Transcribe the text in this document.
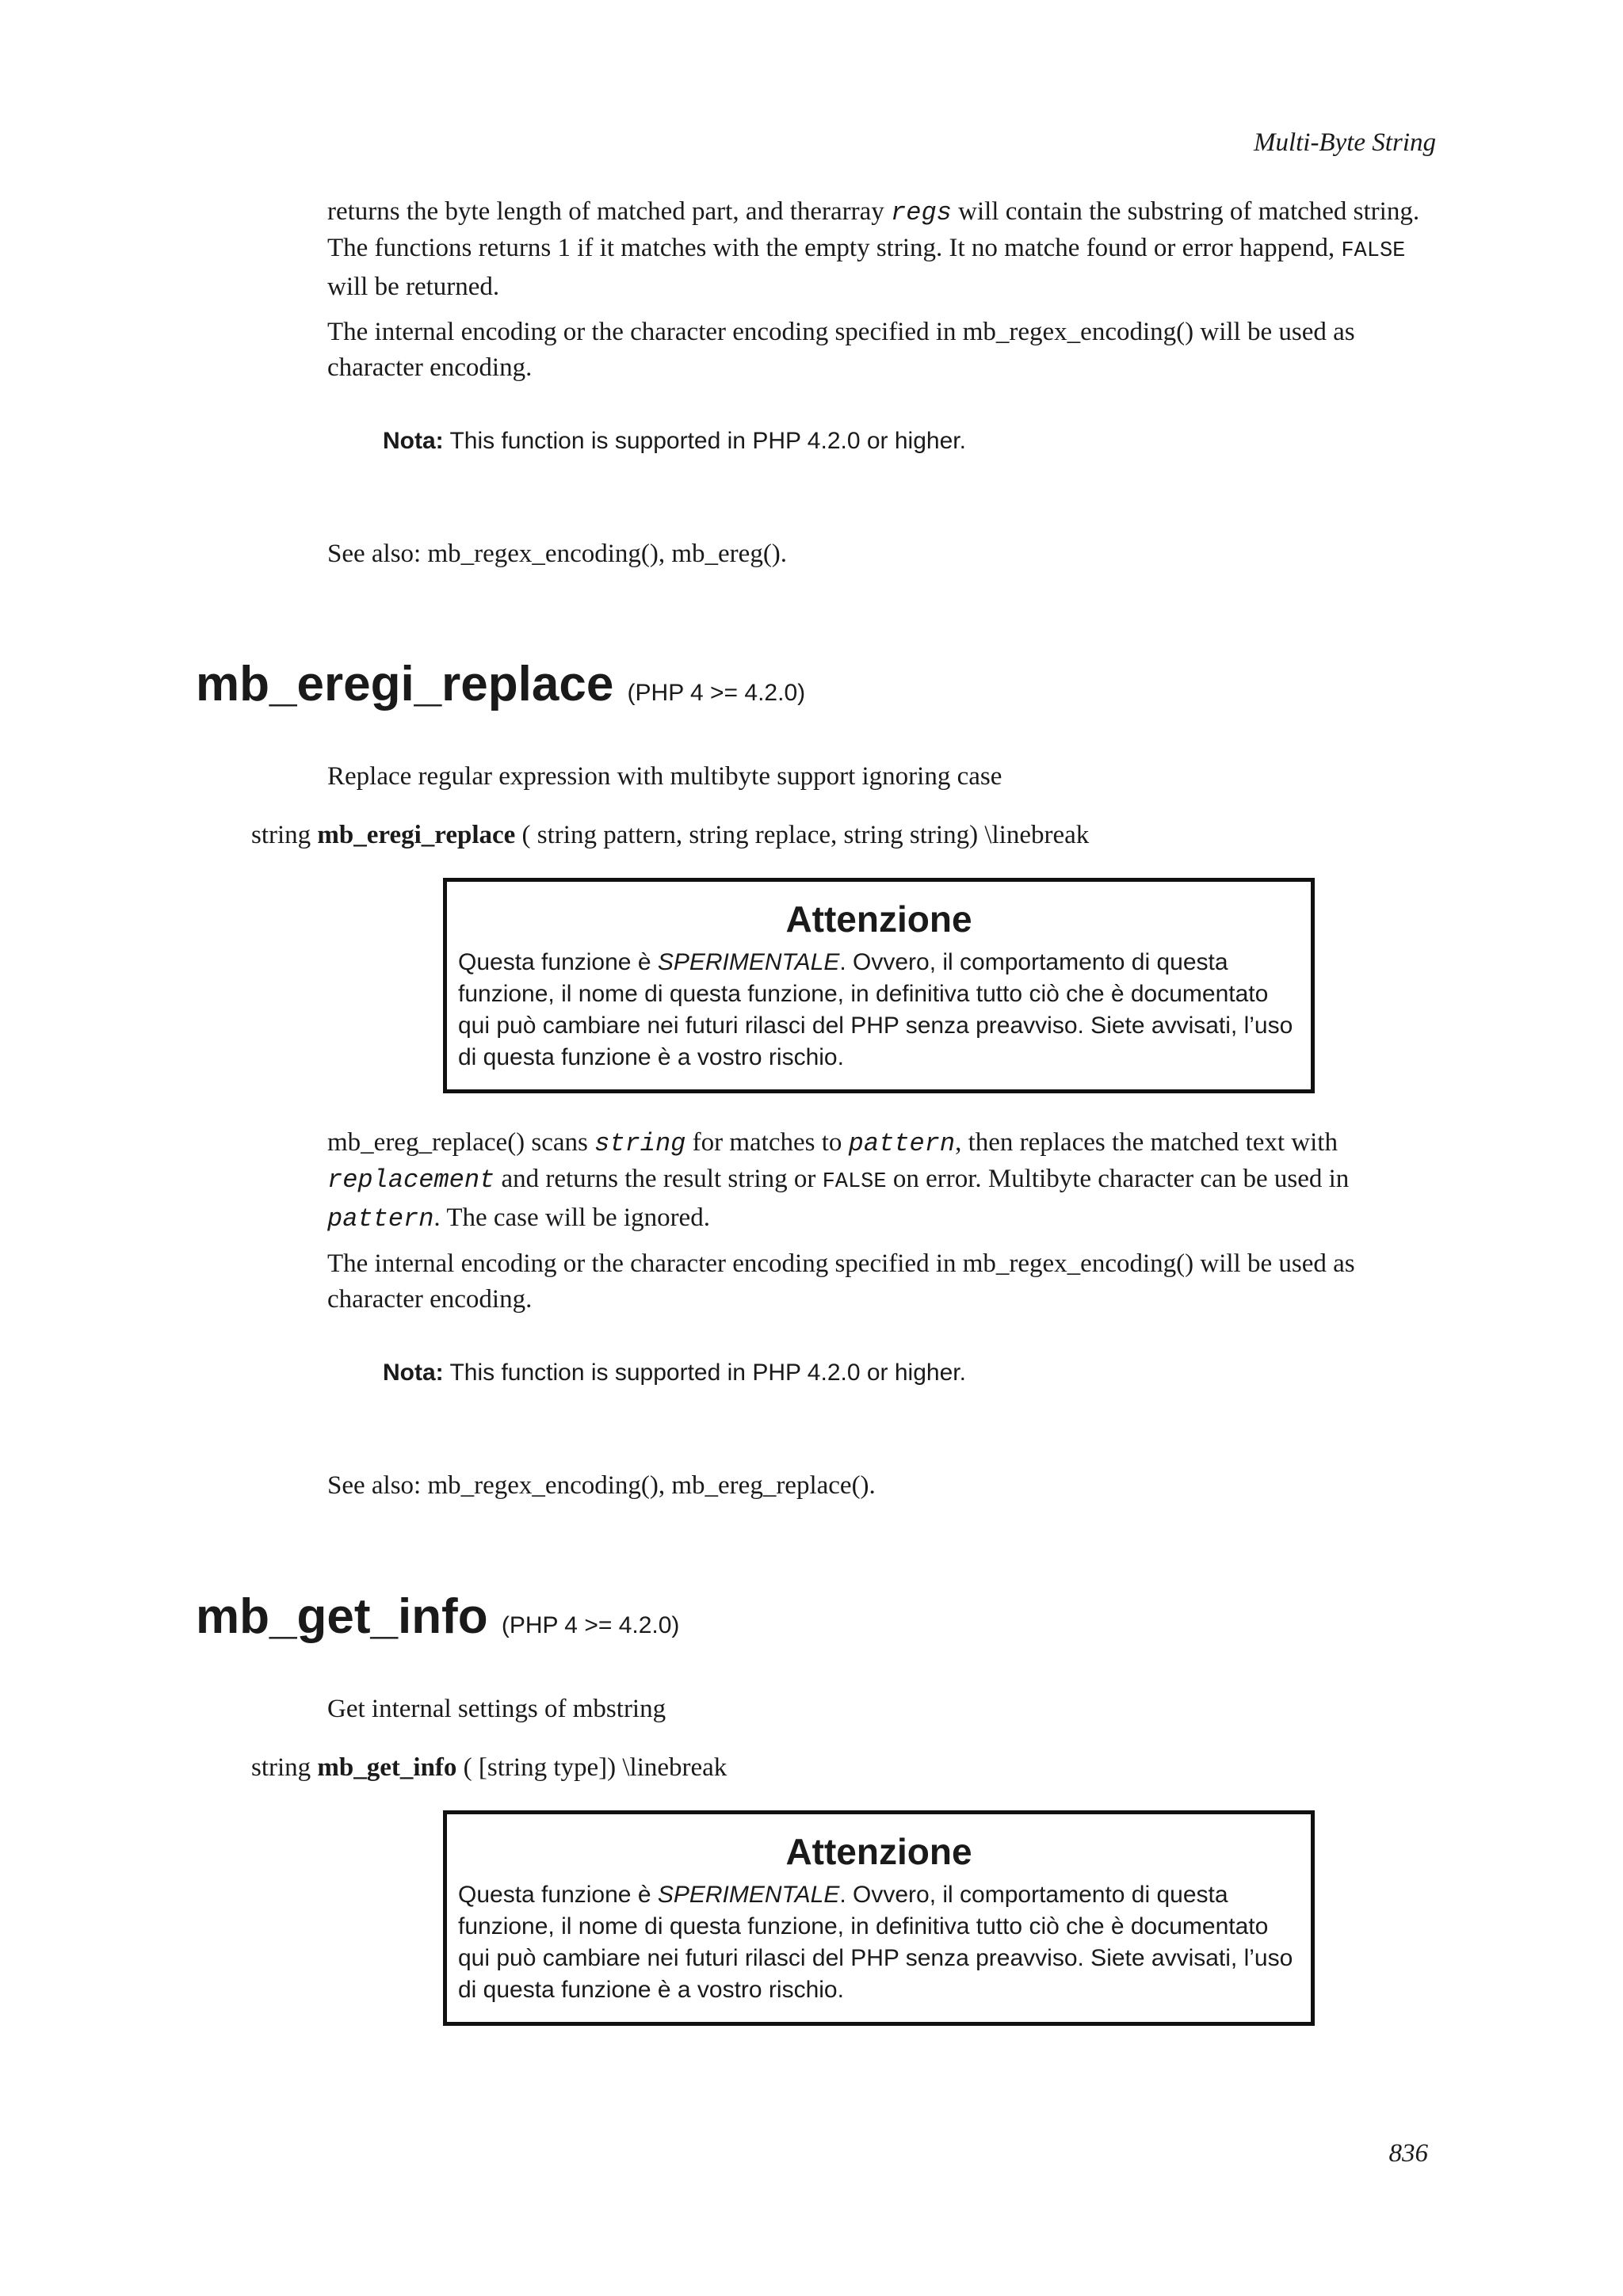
Multi-Byte String

returns the byte length of matched part, and therarray regs will contain the substring of matched string. The functions returns 1 if it matches with the empty string. It no matche found or error happend, FALSE will be returned.

The internal encoding or the character encoding specified in mb_regex_encoding() will be used as character encoding.

Nota: This function is supported in PHP 4.2.0 or higher.

See also: mb_regex_encoding(), mb_ereg().

mb_eregi_replace (PHP 4 >= 4.2.0)

Replace regular expression with multibyte support ignoring case

string mb_eregi_replace ( string pattern, string replace, string string) \linebreak

Attenzione
Questa funzione è SPERIMENTALE. Ovvero, il comportamento di questa funzione, il nome di questa funzione, in definitiva tutto ciò che è documentato qui può cambiare nei futuri rilasci del PHP senza preavviso. Siete avvisati, l’uso di questa funzione è a vostro rischio.

mb_ereg_replace() scans string for matches to pattern, then replaces the matched text with replacement and returns the result string or FALSE on error. Multibyte character can be used in pattern. The case will be ignored.

The internal encoding or the character encoding specified in mb_regex_encoding() will be used as character encoding.

Nota: This function is supported in PHP 4.2.0 or higher.

See also: mb_regex_encoding(), mb_ereg_replace().

mb_get_info (PHP 4 >= 4.2.0)

Get internal settings of mbstring

string mb_get_info ( [string type]) \linebreak

Attenzione
Questa funzione è SPERIMENTALE. Ovvero, il comportamento di questa funzione, il nome di questa funzione, in definitiva tutto ciò che è documentato qui può cambiare nei futuri rilasci del PHP senza preavviso. Siete avvisati, l’uso di questa funzione è a vostro rischio.
836
